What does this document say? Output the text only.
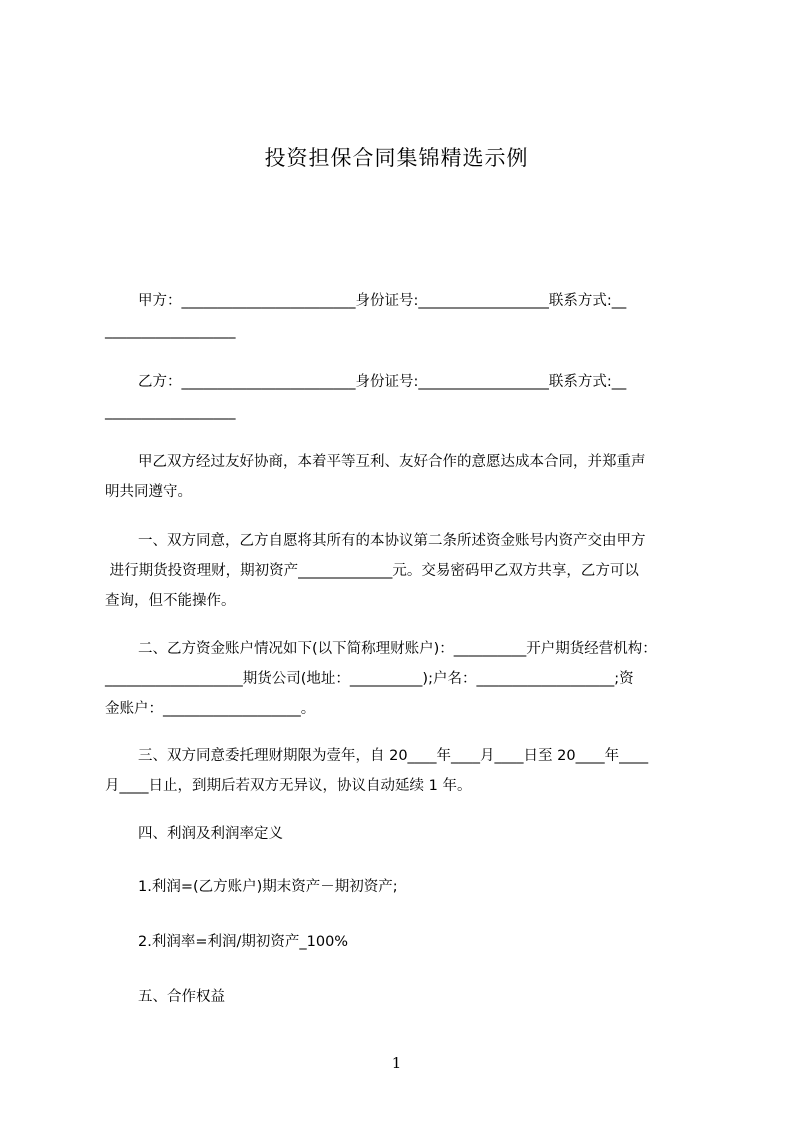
投资担保合同集锦精选示例
甲方：________________________身份证号:__________________联系方式:__
__________________
乙方：________________________身份证号:__________________联系方式:__
__________________
甲乙双方经过友好协商，本着平等互利、友好合作的意愿达成本合同，并郑重声
明共同遵守。
一、双方同意，乙方自愿将其所有的本协议第二条所述资金账号内资产交由甲方
进行期货投资理财，期初资产_____________元。交易密码甲乙双方共享，乙方可以
查询，但不能操作。
二、乙方资金账户情况如下(以下简称理财账户)：__________开户期货经营机构：
___________________期货公司(地址：__________);户名：___________________;资
金账户：___________________。
三、双方同意委托理财期限为壹年，自 20____年____月____日至 20____年____
月____日止，到期后若双方无异议，协议自动延续 1 年。
四、利润及利润率定义
1.利润=(乙方账户)期末资产－期初资产;
2.利润率=利润/期初资产_100%
五、合作权益
1
